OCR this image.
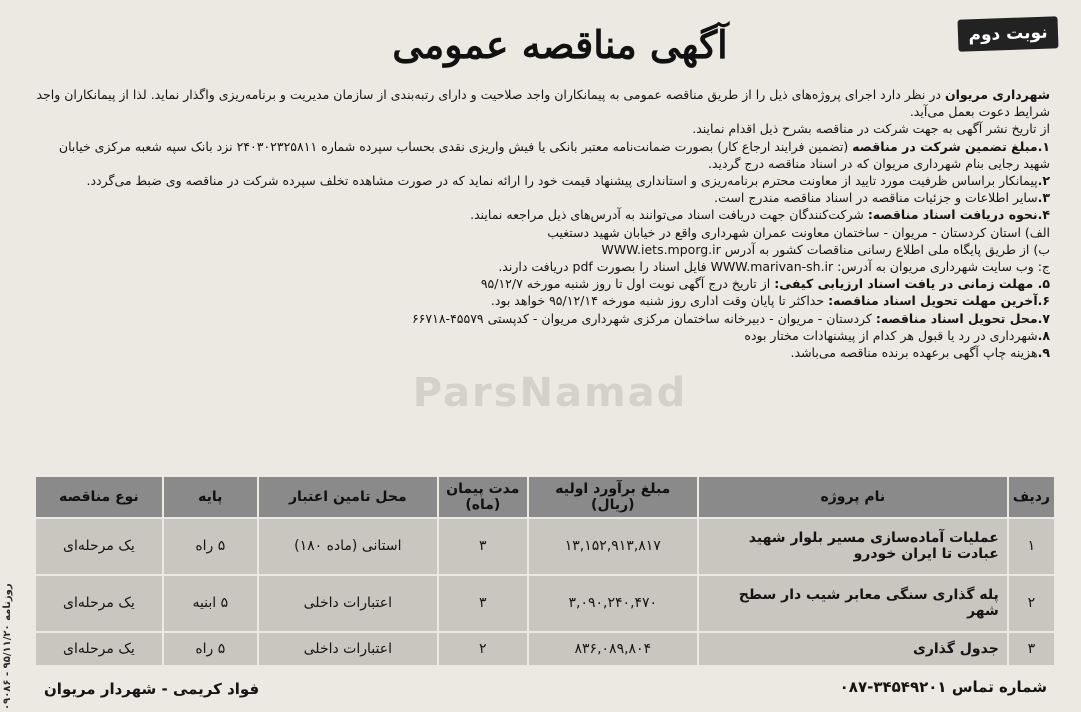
روزنامه ۹۵/۱۱/۲۰ - ۰۹۰۸۶
نوبت دوم
آگهی مناقصه عمومی
ParsNamad

شهرداری مریوان در نظر دارد اجرای پروژه‌های ذیل را از طریق مناقصه عمومی به پیمانکاران واجد صلاحیت و دارای رتبه‌بندی از سازمان مدیریت و برنامه‌ریزی واگذار نماید. لذا از پیمانکاران واجد شرایط دعوت بعمل می‌آید.

از تاریخ نشر آگهی به جهت شرکت در مناقصه بشرح ذیل اقدام نمایند.

۱.مبلغ تضمین شرکت در مناقصه (تضمین فرایند ارجاع کار) بصورت ضمانت‌نامه معتبر بانکی یا فیش واریزی نقدی بحساب سپرده شماره ۲۴۰۳۰۲۳۲۵۸۱۱ نزد بانک سپه شعبه مرکزی خیابان شهید رجایی بنام شهرداری مریوان که در اسناد مناقصه درج گردید.

۲.پیمانکار براساس ظرفیت مورد تایید از معاونت محترم برنامه‌ریزی و استانداری پیشنهاد قیمت خود را ارائه نماید که در صورت مشاهده تخلف سپرده شرکت در مناقصه وی ضبط می‌گردد.

۳.سایر اطلاعات و جزئیات مناقصه در اسناد مناقصه مندرج است.

۴.نحوه دریافت اسناد مناقصه: شرکت‌کنندگان جهت دریافت اسناد می‌توانند به آدرس‌های ذیل مراجعه نمایند.

الف) استان کردستان - مریوان - ساختمان معاونت عمران شهرداری واقع در خیابان شهید دستغیب

ب) از طریق پایگاه ملی اطلاع رسانی مناقصات کشور به آدرس WWW.iets.mporg.ir

ج: وب سایت شهرداری مریوان به آدرس: WWW.marivan-sh.ir فایل اسناد را بصورت pdf دریافت دارند.

۵. مهلت زمانی در یافت اسناد ارزیابی کیفی: از تاریخ درج آگهی نوبت اول تا روز شنبه مورخه ۹۵/۱۲/۷

۶.آخرین مهلت تحویل اسناد مناقصه: حداکثر تا پایان وقت اداری روز شنبه مورخه ۹۵/۱۲/۱۴ خواهد بود.

۷.محل تحویل اسناد مناقصه: کردستان - مریوان - دبیرخانه ساختمان مرکزی شهرداری مریوان - کدپستی ۴۵۵۷۹-۶۶۷۱۸

۸.شهرداری در رد یا قبول هر کدام از پیشنهادات مختار بوده

۹.هزینه چاپ آگهی برعهده برنده مناقصه می‌باشد.

ردیف	نام پروژه	مبلغ برآورد اولیه (ریال)	مدت پیمان (ماه)	محل تامین اعتبار	پایه	نوع مناقصه
۱	عملیات آماده‌سازی مسیر بلوار شهید عبادت تا ایران خودرو	۱۳,۱۵۲,۹۱۳,۸۱۷	۳	استانی (ماده ۱۸۰)	۵ راه	یک مرحله‌ای
۲	پله گذاری سنگی معابر شیب دار سطح شهر	۳,۰۹۰,۲۴۰,۴۷۰	۳	اعتبارات داخلی	۵ ابنیه	یک مرحله‌ای
۳	جدول گذاری	۸۳۶,۰۸۹,۸۰۴	۲	اعتبارات داخلی	۵ راه	یک مرحله‌ای
شماره تماس ۳۴۵۴۹۲۰۱-۰۸۷
فواد کریمی - شهردار مریوان
